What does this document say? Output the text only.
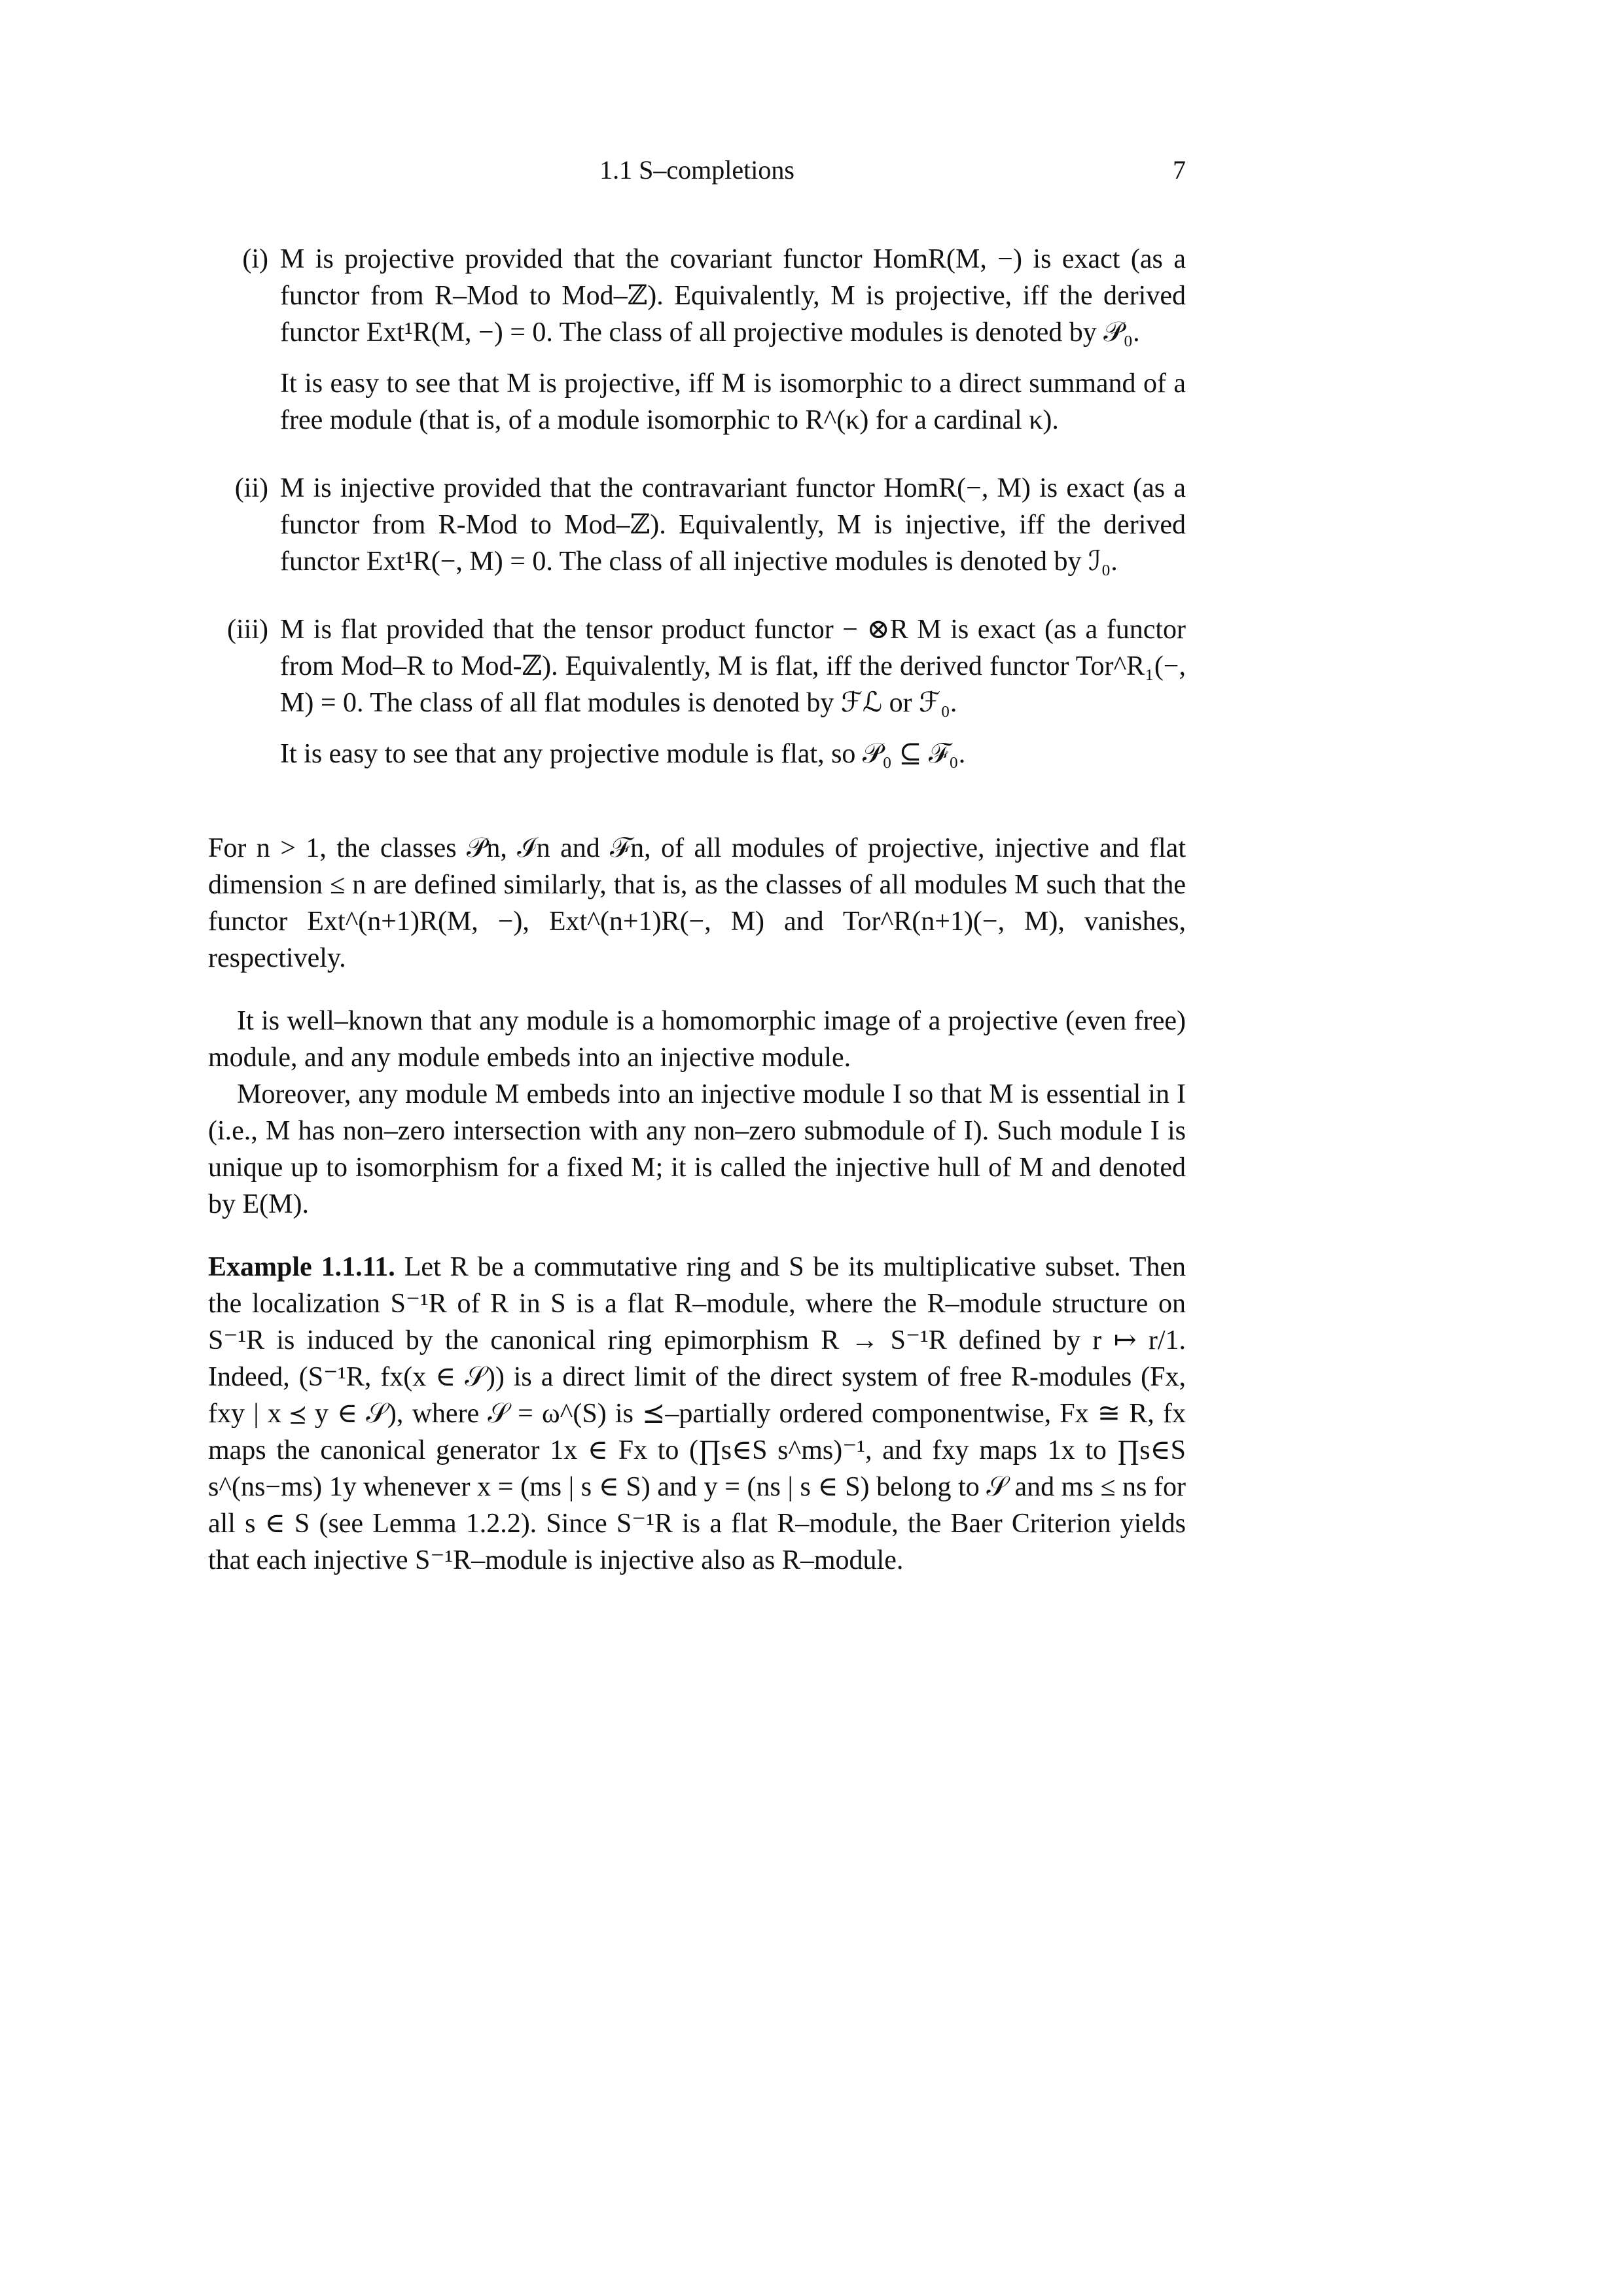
1.1 S–completions	7
(i) M is projective provided that the covariant functor HomR(M, −) is exact (as a functor from R–Mod to Mod–ℤ). Equivalently, M is projective, iff the derived functor Ext¹R(M, −) = 0. The class of all projective modules is denoted by 𝒫₀.

It is easy to see that M is projective, iff M is isomorphic to a direct summand of a free module (that is, of a module isomorphic to R^(κ) for a cardinal κ).

(ii) M is injective provided that the contravariant functor HomR(−, M) is exact (as a functor from R-Mod to Mod–ℤ). Equivalently, M is injective, iff the derived functor Ext¹R(−, M) = 0. The class of all injective modules is denoted by ℐ₀.

(iii) M is flat provided that the tensor product functor − ⊗R M is exact (as a functor from Mod–R to Mod-ℤ). Equivalently, M is flat, iff the derived functor Tor^R₁(−, M) = 0. The class of all flat modules is denoted by ℱℒ or ℱ₀.

It is easy to see that any projective module is flat, so 𝒫₀ ⊆ ℱ₀.

For n > 1, the classes 𝒫n, ℐn and ℱn, of all modules of projective, injective and flat dimension ≤ n are defined similarly, that is, as the classes of all modules M such that the functor Ext^(n+1)R(M, −), Ext^(n+1)R(−, M) and Tor^R(n+1)(−, M), vanishes, respectively.

It is well–known that any module is a homomorphic image of a projective (even free) module, and any module embeds into an injective module.

Moreover, any module M embeds into an injective module I so that M is essential in I (i.e., M has non–zero intersection with any non–zero submodule of I). Such module I is unique up to isomorphism for a fixed M; it is called the injective hull of M and denoted by E(M).

Example 1.1.11. Let R be a commutative ring and S be its multiplicative subset. Then the localization S⁻¹R of R in S is a flat R–module, where the R–module structure on S⁻¹R is induced by the canonical ring epimorphism R → S⁻¹R defined by r ↦ r/1. Indeed, (S⁻¹R, fx(x ∈ 𝒮)) is a direct limit of the direct system of free R-modules (Fx, fxy | x ⪯ y ∈ 𝒮), where 𝒮 = ω^(S) is ⪯–partially ordered componentwise, Fx ≅ R, fx maps the canonical generator 1x ∈ Fx to (∏s∈S s^ms)⁻¹, and fxy maps 1x to ∏s∈S s^(ns−ms) 1y whenever x = (ms | s ∈ S) and y = (ns | s ∈ S) belong to 𝒮 and ms ≤ ns for all s ∈ S (see Lemma 1.2.2). Since S⁻¹R is a flat R–module, the Baer Criterion yields that each injective S⁻¹R–module is injective also as R–module.
